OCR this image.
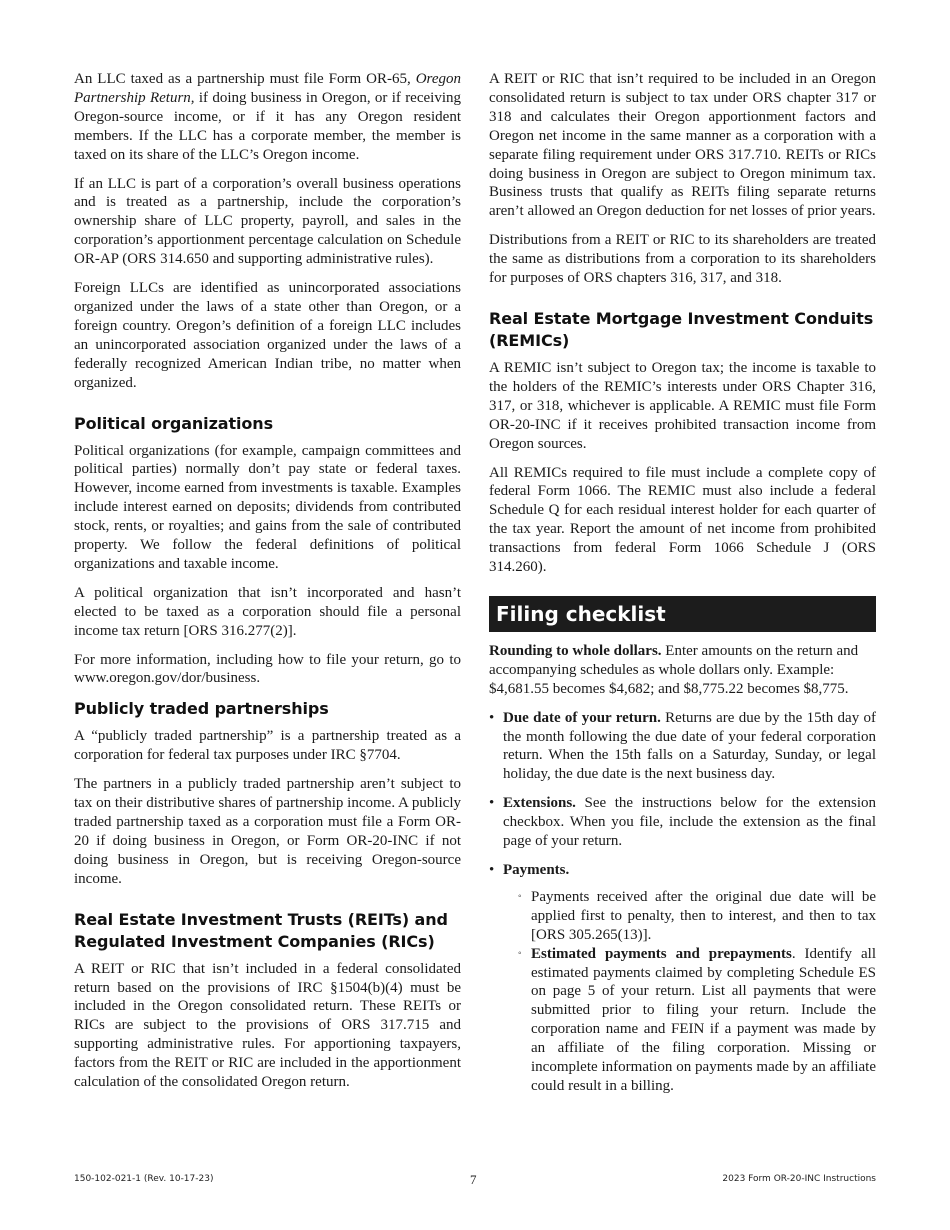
An LLC taxed as a partnership must file Form OR-65, Oregon Partnership Return, if doing business in Oregon, or if receiving Oregon-source income, or if it has any Oregon resident members. If the LLC has a corporate member, the member is taxed on its share of the LLC’s Oregon income.

If an LLC is part of a corporation’s overall business operations and is treated as a partnership, include the corporation’s ownership share of LLC property, payroll, and sales in the corporation’s apportionment percentage calculation on Schedule OR-AP (ORS 314.650 and supporting administrative rules).

Foreign LLCs are identified as unincorporated associations organized under the laws of a state other than Oregon, or a foreign country. Oregon’s definition of a foreign LLC includes an unincorporated association organized under the laws of a federally recognized American Indian tribe, no matter when organized.

Political organizations

Political organizations (for example, campaign committees and political parties) normally don’t pay state or federal taxes. However, income earned from investments is taxable. Examples include interest earned on deposits; dividends from contributed stock, rents, or royalties; and gains from the sale of contributed property. We follow the federal definitions of political organizations and taxable income.

A political organization that isn’t incorporated and hasn’t elected to be taxed as a corporation should file a personal income tax return [ORS 316.277(2)].

For more information, including how to file your return, go to www.oregon.gov/dor/business.

Publicly traded partnerships

A “publicly traded partnership” is a partnership treated as a corporation for federal tax purposes under IRC §7704.

The partners in a publicly traded partnership aren’t subject to tax on their distributive shares of partnership income. A publicly traded partnership taxed as a corporation must file a Form OR-20 if doing business in Oregon, or Form OR-20-INC if not doing business in Oregon, but is receiving Oregon-source income.

Real Estate Investment Trusts (REITs) and Regulated Investment Companies (RICs)

A REIT or RIC that isn’t included in a federal consolidated return based on the provisions of IRC §1504(b)(4) must be included in the Oregon consolidated return. These REITs or RICs are subject to the provisions of ORS 317.715 and supporting administrative rules. For apportioning taxpayers, factors from the REIT or RIC are included in the apportionment calculation of the consolidated Oregon return.

A REIT or RIC that isn’t required to be included in an Oregon consolidated return is subject to tax under ORS chapter 317 or 318 and calculates their Oregon apportionment factors and Oregon net income in the same manner as a corporation with a separate filing requirement under ORS 317.710. REITs or RICs doing business in Oregon are subject to Oregon minimum tax. Business trusts that qualify as REITs filing separate returns aren’t allowed an Oregon deduction for net losses of prior years.

Distributions from a REIT or RIC to its shareholders are treated the same as distributions from a corporation to its shareholders for purposes of ORS chapters 316, 317, and 318.

Real Estate Mortgage Investment Conduits (REMICs)

A REMIC isn’t subject to Oregon tax; the income is taxable to the holders of the REMIC’s interests under ORS Chapter 316, 317, or 318, whichever is applicable. A REMIC must file Form OR-20-INC if it receives prohibited transaction income from Oregon sources.

All REMICs required to file must include a complete copy of federal Form 1066. The REMIC must also include a federal Schedule Q for each residual interest holder for each quarter of the tax year. Report the amount of net income from prohibited transactions from federal Form 1066 Schedule J (ORS 314.260).

Filing checklist

Rounding to whole dollars. Enter amounts on the return and accompanying schedules as whole dollars only. Example: $4,681.55 becomes $4,682; and $8,775.22 becomes $8,775.

• Due date of your return. Returns are due by the 15th day of the month following the due date of your federal corporation return. When the 15th falls on a Saturday, Sunday, or legal holiday, the due date is the next business day.
• Extensions. See the instructions below for the extension checkbox. When you file, include the extension as the final page of your return.
• Payments.
◦ Payments received after the original due date will be applied first to penalty, then to interest, and then to tax [ORS 305.265(13)].
◦ Estimated payments and prepayments. Identify all estimated payments claimed by completing Schedule ES on page 5 of your return. List all payments that were submitted prior to filing your return. Include the corporation name and FEIN if a payment was made by an affiliate of the filing corporation. Missing or incomplete information on payments made by an affiliate could result in a billing.
150-102-021-1 (Rev. 10-17-23)	7	2023 Form OR-20-INC Instructions
